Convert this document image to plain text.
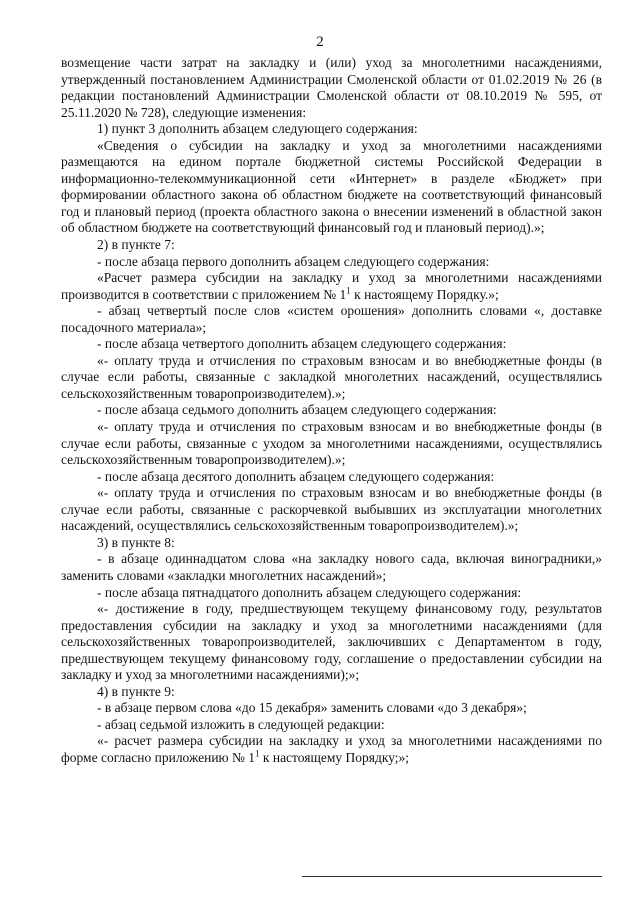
2

возмещение части затрат на закладку и (или) уход за многолетними насаждениями, утвержденный постановлением Администрации Смоленской области от 01.02.2019 № 26 (в редакции постановлений Администрации Смоленской области от 08.10.2019 № 595, от 25.11.2020 № 728), следующие изменения:

1) пункт 3 дополнить абзацем следующего содержания:

«Сведения о субсидии на закладку и уход за многолетними насаждениями размещаются на едином портале бюджетной системы Российской Федерации в информационно-телекоммуникационной сети «Интернет» в разделе «Бюджет» при формировании областного закона об областном бюджете на соответствующий финансовый год и плановый период (проекта областного закона о внесении изменений в областной закон об областном бюджете на соответствующий финансовый год и плановый период).»;

2) в пункте 7:

- после абзаца первого дополнить абзацем следующего содержания:

«Расчет размера субсидии на закладку и уход за многолетними насаждениями производится в соответствии с приложением № $1^1$ к настоящему Порядку.»;

- абзац четвертый после слов «систем орошения» дополнить словами «, доставке посадочного материала»;

- после абзаца четвертого дополнить абзацем следующего содержания:

«- оплату труда и отчисления по страховым взносам и во внебюджетные фонды (в случае если работы, связанные с закладкой многолетних насаждений, осуществлялись сельскохозяйственным товаропроизводителем).»;

- после абзаца седьмого дополнить абзацем следующего содержания:

«- оплату труда и отчисления по страховым взносам и во внебюджетные фонды (в случае если работы, связанные с уходом за многолетними насаждениями, осуществлялись сельскохозяйственным товаропроизводителем).»;

- после абзаца десятого дополнить абзацем следующего содержания:

«- оплату труда и отчисления по страховым взносам и во внебюджетные фонды (в случае если работы, связанные с раскорчевкой выбывших из эксплуатации многолетних насаждений, осуществлялись сельскохозяйственным товаропроизводителем).»;

3) в пункте 8:

- в абзаце одиннадцатом слова «на закладку нового сада, включая виноградники,» заменить словами «закладки многолетних насаждений»;

- после абзаца пятнадцатого дополнить абзацем следующего содержания:

«- достижение в году, предшествующем текущему финансовому году, результатов предоставления субсидии на закладку и уход за многолетними насаждениями (для сельскохозяйственных товаропроизводителей, заключивших с Департаментом в году, предшествующем текущему финансовому году, соглашение о предоставлении субсидии на закладку и уход за многолетними насаждениями);»;

4) в пункте 9:

- в абзаце первом слова «до 15 декабря» заменить словами «до 3 декабря»;

- абзац седьмой изложить в следующей редакции:

«- расчет размера субсидии на закладку и уход за многолетними насаждениями по форме согласно приложению № $1^1$ к настоящему Порядку;»;
